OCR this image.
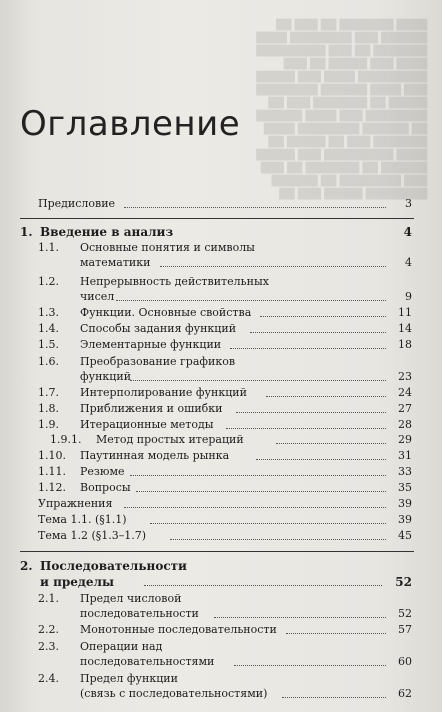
████ ███████ ██ ███ ██
██████ ███ ████████ ████
███████ ██ ███ █████████
████ ███ █████ ██ ███
█████████ ████ ███ █████
███ ████ ██████ ████████
█████ ██ ███████ ███ ██
████████ ███ ████ ██████
██ ██████ ████████ ████
███████ ███ ██ █████ ██
████ █████████ ███ █████
██████ ██ ███████ ██ ███
███ ████████ ██ ██████
████████ █████ ███ ██

Оглавление
Предисловие	3
1. Введение в анализ	4
1.1. Основные понятия и символы
математики	4
1.2. Непрерывность действительных
чисел	9
1.3. Функции. Основные свойства	11
1.4. Способы задания функций	14
1.5. Элементарные функции	18
1.6. Преобразование графиков
функций	23
1.7. Интерполирование функций	24
1.8. Приближения и ошибки	27
1.9. Итерационные методы	28
1.9.1. Метод простых итераций	29
1.10. Паутинная модель рынка	31
1.11. Резюме	33
1.12. Вопросы	35
Упражнения	39
Тема 1.1. (§1.1)	39
Тема 1.2 (§1.3–1.7)	45
2. Последовательности
и пределы	52
2.1. Предел числовой
последовательности	52
2.2. Монотонные последовательности	57
2.3. Операции над
последовательностями	60
2.4. Предел функции
(связь с последовательностями)	62
